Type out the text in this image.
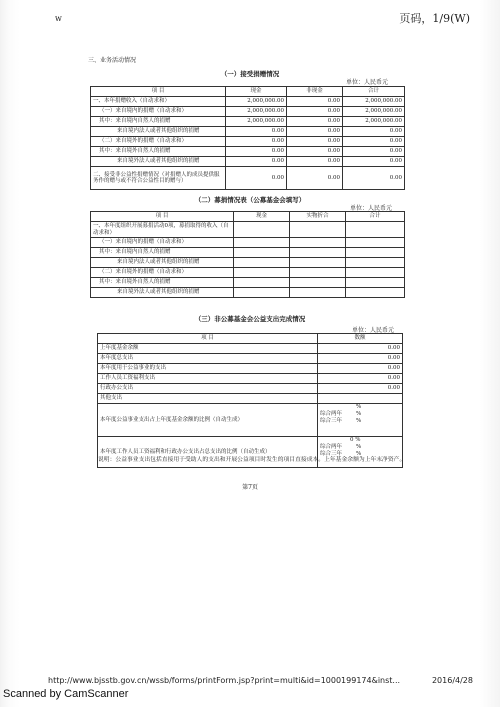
w	页码，1/9(W)
三、业务活动情况
（一）接受捐赠情况
单位：人民币元
项 目	现金	非现金	合计
一、本年捐赠收入（自动求和）	2,000,000.00	0.00	2,000,000.00
（一）来自境内的捐赠（自动求和）	2,000,000.00	0.00	2,000,000.00
其中：来自境内自然人的捐赠	2,000,000.00	0.00	2,000,000.00
来自境内法人或者其他组织的捐赠	0.00	0.00	0.00
（二）来自境外的捐赠（自动求和）	0.00	0.00	0.00
其中：来自境外自然人的捐赠	0.00	0.00	0.00
来自境外法人或者其他组织的捐赠	0.00	0.00	0.00
二、接受非公益性捐赠情况（对捐赠人的成员提供服务作的赠与或不符合公益性目的赠与）	0.00	0.00	0.00
（二）募捐情况表（公募基金会填写）
单位：人民币元
项 目	现金	实物折合	合计
一、本年度组织开展募捐活动0项，募捐取得的收入（自动求和）			
（一）来自境内的捐赠（自动求和）			
其中：来自境内自然人的捐赠			
来自境内法人或者其他组织的捐赠			
（二）来自境外的捐赠（自动求和）			
其中：来自境外自然人的捐赠			
来自境外法人或者其他组织的捐赠			
（三）非公募基金会公益支出完成情况
单位：人民币元
项 目	数额
上年度基金余额	0.00
本年度总支出	0.00
本年度用于公益事业的支出	0.00
工作人员工资福利支出	0.00
行政办公支出	0.00
其他支出	
本年度公益事业支出占上年度基金余额的比例（自动生成）	%
综合两年 %
综合三年 %

本年度工作人员工资福利和行政办公支出占总支出的比例（自动生成）	0 %
综合两年 %
综合三年 %
说明：公益事业支出包括直接用于受助人的支出和开展公益项目时发生的项目直接成本。上年基金余额为上年末净资产。
第7页
http://www.bjsstb.gov.cn/wssb/forms/printForm.jsp?print=multi&id=1000199174&inst...	2016/4/28
Scanned by CamScanner
